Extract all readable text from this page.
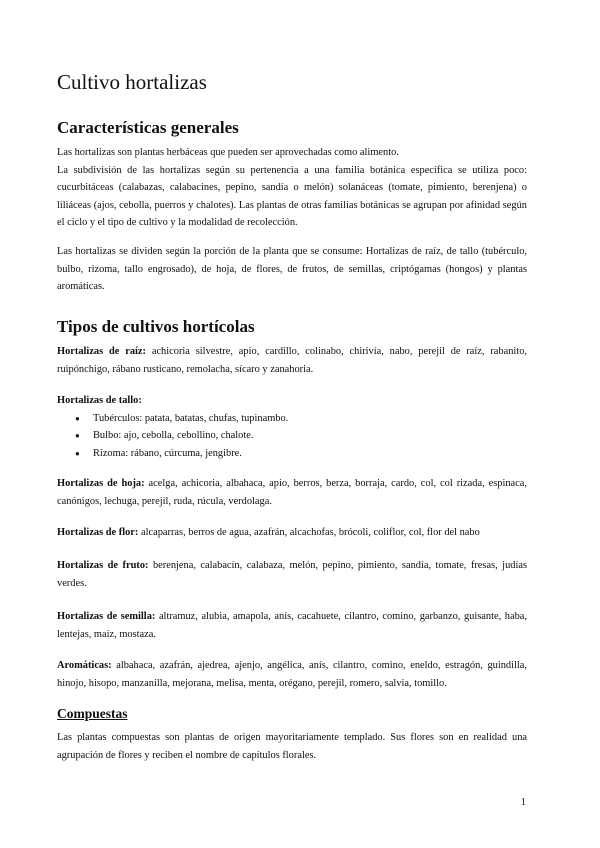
Cultivo hortalizas
Características generales

Las hortalizas son plantas herbáceas que pueden ser aprovechadas como alimento.

La subdivisión de las hortalizas según su pertenencia a una familia botánica específica se utiliza poco: cucurbitáceas (calabazas, calabacines, pepino, sandía o melón) solanáceas (tomate, pimiento, berenjena) o liliáceas (ajos, cebolla, puerros y chalotes). Las plantas de otras familias botánicas se agrupan por afinidad según el ciclo y el tipo de cultivo y la modalidad de recolección.

Las hortalizas se dividen según la porción de la planta que se consume: Hortalizas de raíz, de tallo (tubérculo, bulbo, rizoma, tallo engrosado), de hoja, de flores, de frutos, de semillas, criptógamas (hongos) y plantas aromáticas.

Tipos de cultivos hortícolas

Hortalizas de raíz: achicoria silvestre, apio, cardillo, colinabo, chirivía, nabo, perejil de raíz, rabanito, ruipónchigo, rábano rusticano, remolacha, sícaro y zanahoria.

Hortalizas de tallo:

● Tubérculos: patata, batatas, chufas, tupinambo.
● Bulbo: ajo, cebolla, cebollino, chalote.
● Rizoma: rábano, cúrcuma, jengibre.

Hortalizas de hoja: acelga, achicoria, albahaca, apio, berros, berza, borraja, cardo, col, col rizada, espinaca, canónigos, lechuga, perejil, ruda, rúcula, verdolaga.

Hortalizas de flor: alcaparras, berros de agua, azafrán, alcachofas, brócoli, coliflor, col, flor del nabo

Hortalizas de fruto: berenjena, calabacín, calabaza, melón, pepino, pimiento, sandía, tomate, fresas, judías verdes.

Hortalizas de semilla: altramuz, alubia, amapola, anís, cacahuete, cilantro, comino, garbanzo, guisante, haba, lentejas, maíz, mostaza.

Aromáticas: albahaca, azafrán, ajedrea, ajenjo, angélica, anís, cilantro, comino, eneldo, estragón, guindilla, hinojo, hisopo, manzanilla, mejorana, melisa, menta, orégano, perejil, romero, salvia, tomillo.

Compuestas

Las plantas compuestas son plantas de origen mayoritariamente templado. Sus flores son en realidad una agrupación de flores y reciben el nombre de capítulos florales.

1
